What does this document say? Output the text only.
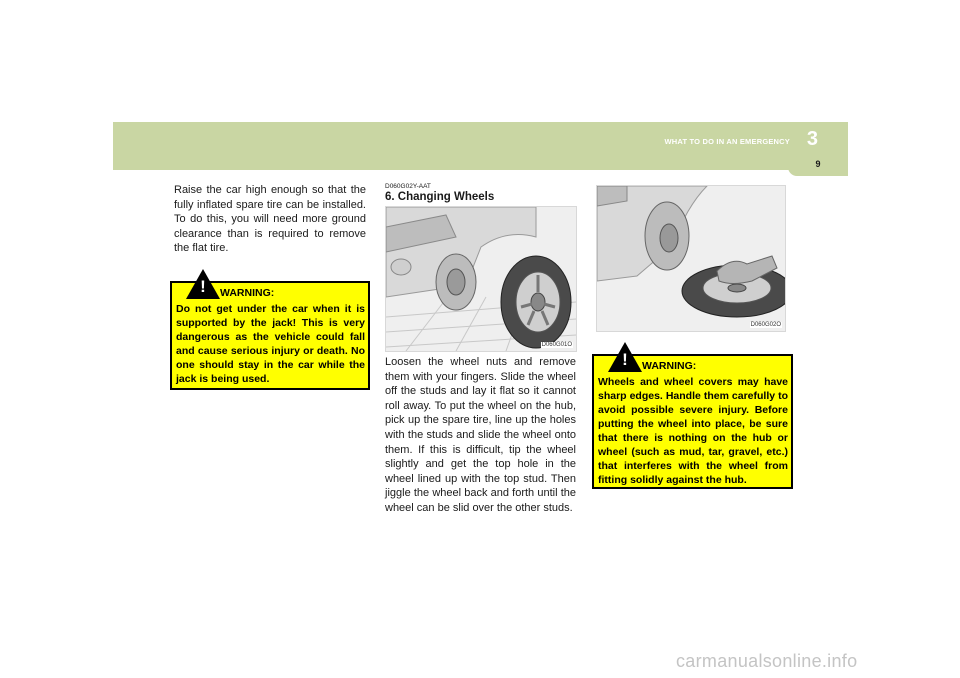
WHAT TO DO IN AN EMERGENCY 3
9

Raise the car high enough so that the fully inflated spare tire can be installed. To do this, you will need more ground clearance than is required to remove the flat tire.

! WARNING:

Do not get under the car when it is supported by the jack! This is very dangerous as the vehicle could fall and cause serious injury or death. No one should stay in the car while the jack is being used.

D060G02Y-AAT

6. Changing Wheels

D060G01O

Loosen the wheel nuts and remove them with your fingers. Slide the wheel off the studs and lay it flat so it cannot roll away. To put the wheel on the hub, pick up the spare tire, line up the holes with the studs and slide the wheel onto them. If this is difficult, tip the wheel slightly and get the top hole in the wheel lined up with the top stud. Then jiggle the wheel back and forth until the wheel can be slid over the other studs.

D060G02O
! WARNING:

Wheels and wheel covers may have sharp edges. Handle them carefully to avoid possible severe injury. Before putting the wheel into place, be sure that there is nothing on the hub or wheel (such as mud, tar, gravel, etc.) that interferes with the wheel from fitting solidly against the hub.

carmanualsonline.info
